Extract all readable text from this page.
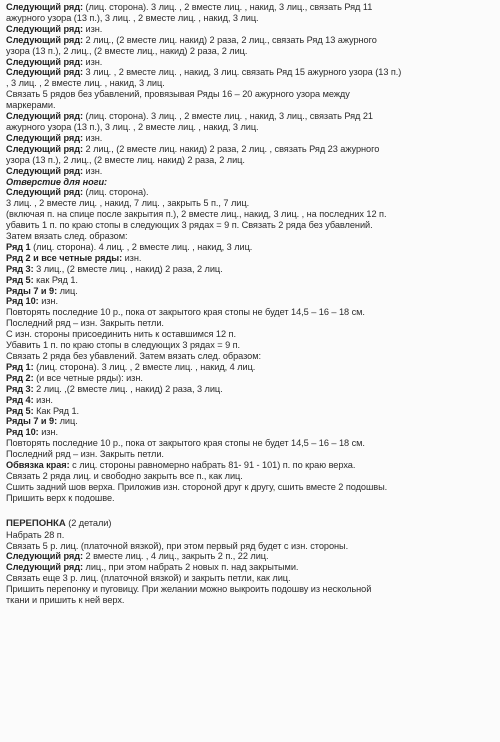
Следующий ряд: (лиц. сторона). 3 лиц. , 2 вместе лиц. , накид, 3 лиц., связать Ряд 11
ажурного узора (13 п.), 3 лиц. , 2 вместе лиц. , накид, 3 лиц.
Следующий ряд: изн.
Следующий ряд: 2 лиц., (2 вместе лиц. накид) 2 раза, 2 лиц., связать Ряд 13 ажурного
узора (13 п.), 2 лиц., (2 вместе лиц., накид) 2 раза, 2 лиц.
Следующий ряд: изн.
Следующий ряд: 3 лиц. , 2 вместе лиц. , накид, 3 лиц. связать Ряд 15 ажурного узора (13 п.)
, 3 лиц. , 2 вместе лиц. , накид, 3 лиц.
Связать 5 рядов без убавлений, провязывая Ряды 16 – 20 ажурного узора между
маркерами.
Следующий ряд: (лиц. сторона). 3 лиц. , 2 вместе лиц. , накид, 3 лиц., связать Ряд 21
ажурного узора (13 п.), 3 лиц. , 2 вместе лиц. , накид, 3 лиц.
Следующий ряд: изн.
Следующий ряд: 2 лиц., (2 вместе лиц. накид) 2 раза, 2 лиц. , связать Ряд 23 ажурного
узора (13 п.), 2 лиц., (2 вместе лиц. накид) 2 раза, 2 лиц.
Следующий ряд: изн.
Отверстие для ноги:
Следующий ряд: (лиц. сторона).
3 лиц. , 2 вместе лиц. , накид, 7 лиц. , закрыть 5 п., 7 лиц.
(включая п. на спице после закрытия п.), 2 вместе лиц., накид, 3 лиц. , на последних 12 п.
убавить 1 п. по краю стопы в следующих 3 рядах = 9 п. Связать 2 ряда без убавлений.
Затем вязать след. образом:
Ряд 1 (лиц. сторона). 4 лиц. , 2 вместе лиц. , накид, 3 лиц.
Ряд 2 и все четные ряды: изн.
Ряд 3: 3 лиц., (2 вместе лиц. , накид) 2 раза, 2 лиц.
Ряд 5: как Ряд 1.
Ряды 7 и 9: лиц.
Ряд 10: изн.
Повторять последние 10 р., пока от закрытого края стопы не будет 14,5 – 16 – 18 см.
Последний ряд – изн. Закрыть петли.
С изн. стороны присоединить нить к оставшимся 12 п.
Убавить 1 п. по краю стопы в следующих 3 рядах = 9 п.
Связать 2 ряда без убавлений. Затем вязать след. образом:
Ряд 1: (лиц. сторона). 3 лиц. , 2 вместе лиц. , накид, 4 лиц.
Ряд 2: (и все четные ряды): изн.
Ряд 3: 2 лиц. ,(2 вместе лиц. , накид) 2 раза, 3 лиц.
Ряд 4: изн.
Ряд 5: Как Ряд 1.
Ряды 7 и 9: лиц.
Ряд 10: изн.
Повторять последние 10 р., пока от закрытого края стопы не будет 14,5 – 16 – 18 см.
Последний ряд – изн. Закрыть петли.
Обвязка края: с лиц. стороны равномерно набрать 81- 91 - 101) п. по краю верха.
Связать 2 ряда лиц. и свободно закрыть все п., как лиц.
Сшить задний шов верха. Приложив изн. стороной друг к другу, сшить вместе 2 подошвы.
Пришить верх к подошве.
ПЕРЕПОНКА (2 детали)
Набрать 28 п.
Связать 5 р. лиц. (платочной вязкой), при этом первый ряд будет с изн. стороны.
Следующий ряд: 2 вместе лиц. , 4 лиц., закрыть 2 п., 22 лиц.
Следующий ряд: лиц., при этом набрать 2 новых п. над закрытыми.
Связать еще 3 р. лиц. (платочной вязкой) и закрыть петли, как лиц.
Пришить перепонку и пуговицу. При желании можно выкроить подошву из нескольной
ткани и пришить к ней верх.
